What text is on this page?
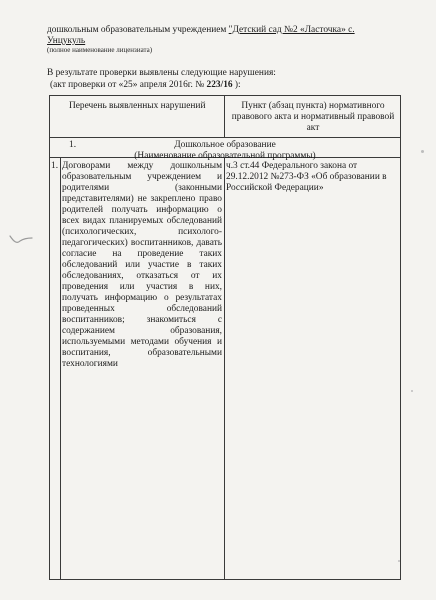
дошкольным образовательным учреждением "Детский сад №2 «Ласточка» с.
Унцукуль
(полное наименование лицензиата)
В результате проверки выявлены следующие нарушения:
(акт проверки от «25» апреля 2016г. № 223/16 ):
Перечень выявленных нарушений	Пункт (абзац пункта) нормативного правового акта и нормативный правовой акт
1.	Дошкольное образование
(Наименование образовательной программы)
1. Договорами между дошкольным образовательным учреждением и родителями (законными представителями) не закреплено право родителей получать информацию о всех видах планируемых обследований (психологических, психолого-педагогических) воспитанников, давать согласие на проведение таких обследований или участие в таких обследованиях, отказаться от их проведения или участия в них, получать информацию о результатах проведенных обследований воспитанников; знакомиться с содержанием образования, используемыми методами обучения и воспитания, образовательными технологиями
ч.3 ст.44 Федерального закона от 29.12.2012 №273-ФЗ «Об образовании в Российской Федерации»
